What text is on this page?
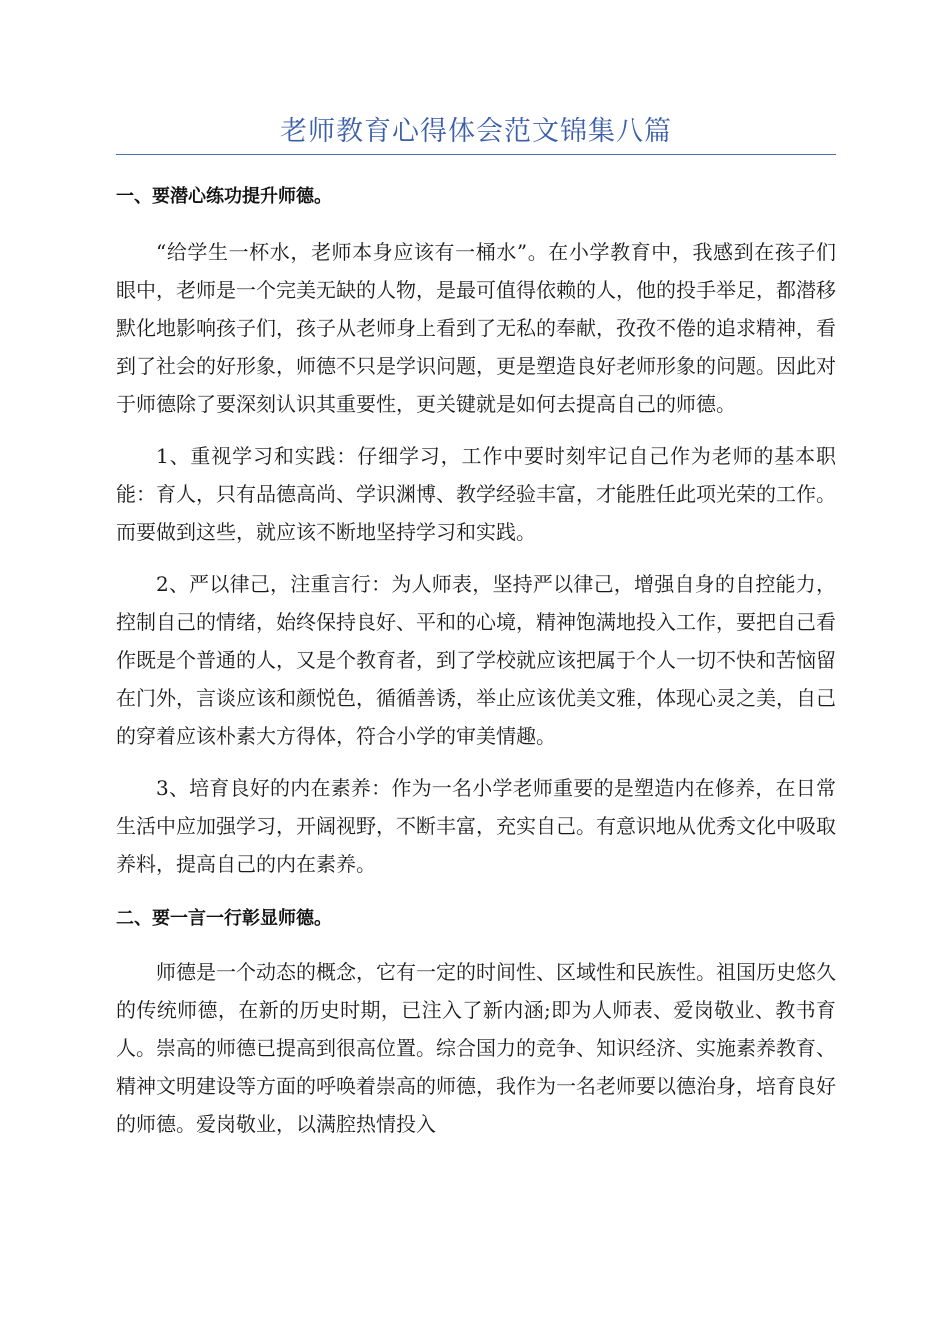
老师教育心得体会范文锦集八篇
一、要潜心练功提升师德。

“给学生一杯水，老师本身应该有一桶水”。在小学教育中，我感到在孩子们眼中，老师是一个完美无缺的人物，是最可值得依赖的人，他的投手举足，都潜移默化地影响孩子们，孩子从老师身上看到了无私的奉献，孜孜不倦的追求精神，看到了社会的好形象，师德不只是学识问题，更是塑造良好老师形象的问题。因此对于师德除了要深刻认识其重要性，更关键就是如何去提高自己的师德。

1、重视学习和实践：仔细学习，工作中要时刻牢记自己作为老师的基本职能：育人，只有品德高尚、学识渊博、教学经验丰富，才能胜任此项光荣的工作。而要做到这些，就应该不断地坚持学习和实践。

2、严以律己，注重言行：为人师表，坚持严以律己，增强自身的自控能力，控制自己的情绪，始终保持良好、平和的心境，精神饱满地投入工作，要把自己看作既是个普通的人，又是个教育者，到了学校就应该把属于个人一切不快和苦恼留在门外，言谈应该和颜悦色，循循善诱，举止应该优美文雅，体现心灵之美，自己的穿着应该朴素大方得体，符合小学的审美情趣。

3、培育良好的内在素养：作为一名小学老师重要的是塑造内在修养，在日常生活中应加强学习，开阔视野，不断丰富，充实自己。有意识地从优秀文化中吸取养料，提高自己的内在素养。

二、要一言一行彰显师德。

师德是一个动态的概念，它有一定的时间性、区域性和民族性。祖国历史悠久的传统师德，在新的历史时期，已注入了新内涵;即为人师表、爱岗敬业、教书育人。崇高的师德已提高到很高位置。综合国力的竞争、知识经济、实施素养教育、精神文明建设等方面的呼唤着崇高的师德，我作为一名老师要以德治身，培育良好的师德。爱岗敬业，以满腔热情投入
